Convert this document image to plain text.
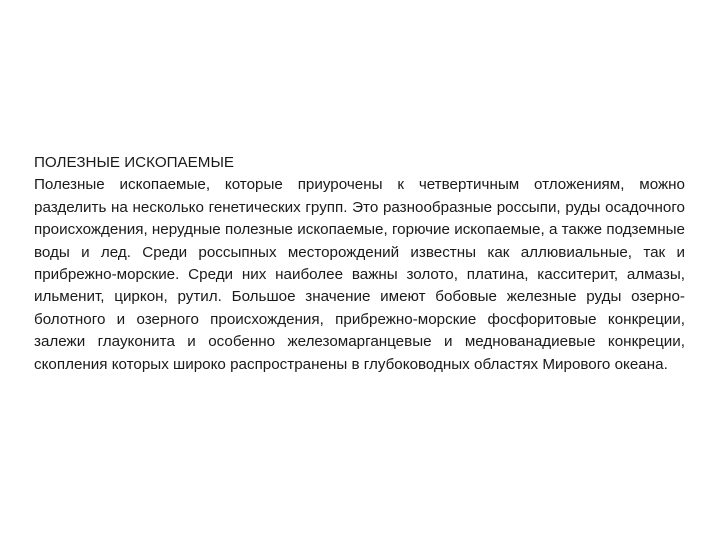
ПОЛЕЗНЫЕ ИСКОПАЕМЫЕ

Полезные ископаемые, которые приурочены к четвертичным отложениям, можно разделить на несколько генетических групп. Это разнообразные россыпи, руды осадочного происхождения, нерудные полезные ископаемые, горючие ископаемые, а также подземные воды и лед. Среди россыпных месторождений известны как аллювиальные, так и прибрежно-морские. Среди них наиболее важны золото, платина, касситерит, алмазы, ильменит, циркон, рутил. Большое значение имеют бобовые железные руды озерно-болотного и озерного происхождения, прибрежно-морские фосфоритовые конкреции, залежи глауконита и особенно железомарганцевые и меднованадиевые конкреции, скопления которых широко распространены в глубоководных областях Мирового океана.
